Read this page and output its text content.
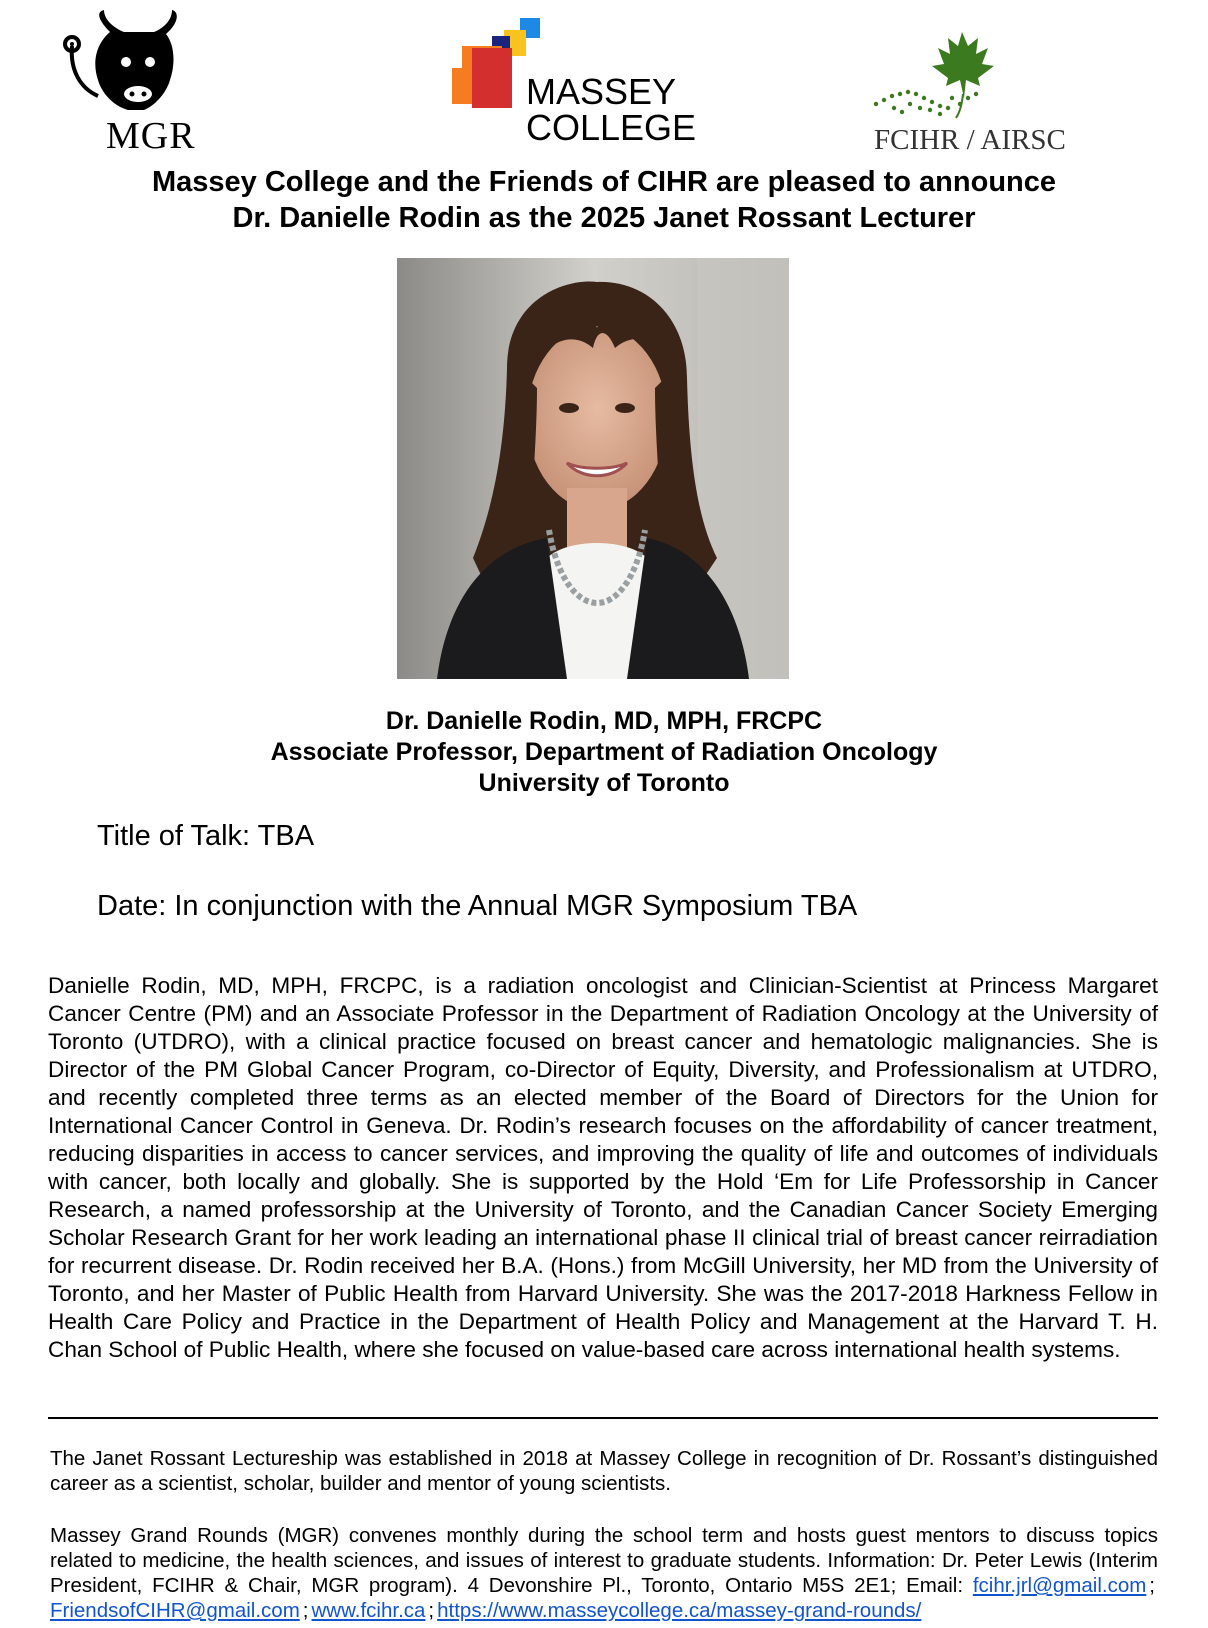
MGR
MASSEY
COLLEGE	FCIHR / AIRSC
Massey College and the Friends of CIHR are pleased to announce
Dr. Danielle Rodin as the 2025 Janet Rossant Lecturer
Dr. Danielle Rodin, MD, MPH, FRCPC
Associate Professor, Department of Radiation Oncology
University of Toronto
Title of Talk: TBA
Date: In conjunction with the Annual MGR Symposium TBA
Danielle Rodin, MD, MPH, FRCPC, is a radiation oncologist and Clinician-Scientist at Princess Margaret Cancer Centre (PM) and an Associate Professor in the Department of Radiation Oncology at the University of Toronto (UTDRO), with a clinical practice focused on breast cancer and hematologic malignancies. She is Director of the PM Global Cancer Program, co-Director of Equity, Diversity, and Professionalism at UTDRO, and recently completed three terms as an elected member of the Board of Directors for the Union for International Cancer Control in Geneva. Dr. Rodin’s research focuses on the affordability of cancer treatment, reducing disparities in access to cancer services, and improving the quality of life and outcomes of individuals with cancer, both locally and globally. She is supported by the Hold ‘Em for Life Professorship in Cancer Research, a named professorship at the University of Toronto, and the Canadian Cancer Society Emerging Scholar Research Grant for her work leading an international phase II clinical trial of breast cancer reirradiation for recurrent disease. Dr. Rodin received her B.A. (Hons.) from McGill University, her MD from the University of Toronto, and her Master of Public Health from Harvard University. She was the 2017-2018 Harkness Fellow in Health Care Policy and Practice in the Department of Health Policy and Management at the Harvard T. H. Chan School of Public Health, where she focused on value-based care across international health systems.
The Janet Rossant Lectureship was established in 2018 at Massey College in recognition of Dr. Rossant’s distinguished career as a scientist, scholar, builder and mentor of young scientists.
Massey Grand Rounds (MGR) convenes monthly during the school term and hosts guest mentors to discuss topics related to medicine, the health sciences, and issues of interest to graduate students. Information: Dr. Peter Lewis (Interim President, FCIHR & Chair, MGR program). 4 Devonshire Pl., Toronto, Ontario M5S 2E1; Email: fcihr.jrl@gmail.com ; FriendsofCIHR@gmail.com ; www.fcihr.ca ; https://www.masseycollege.ca/massey-grand-rounds/
